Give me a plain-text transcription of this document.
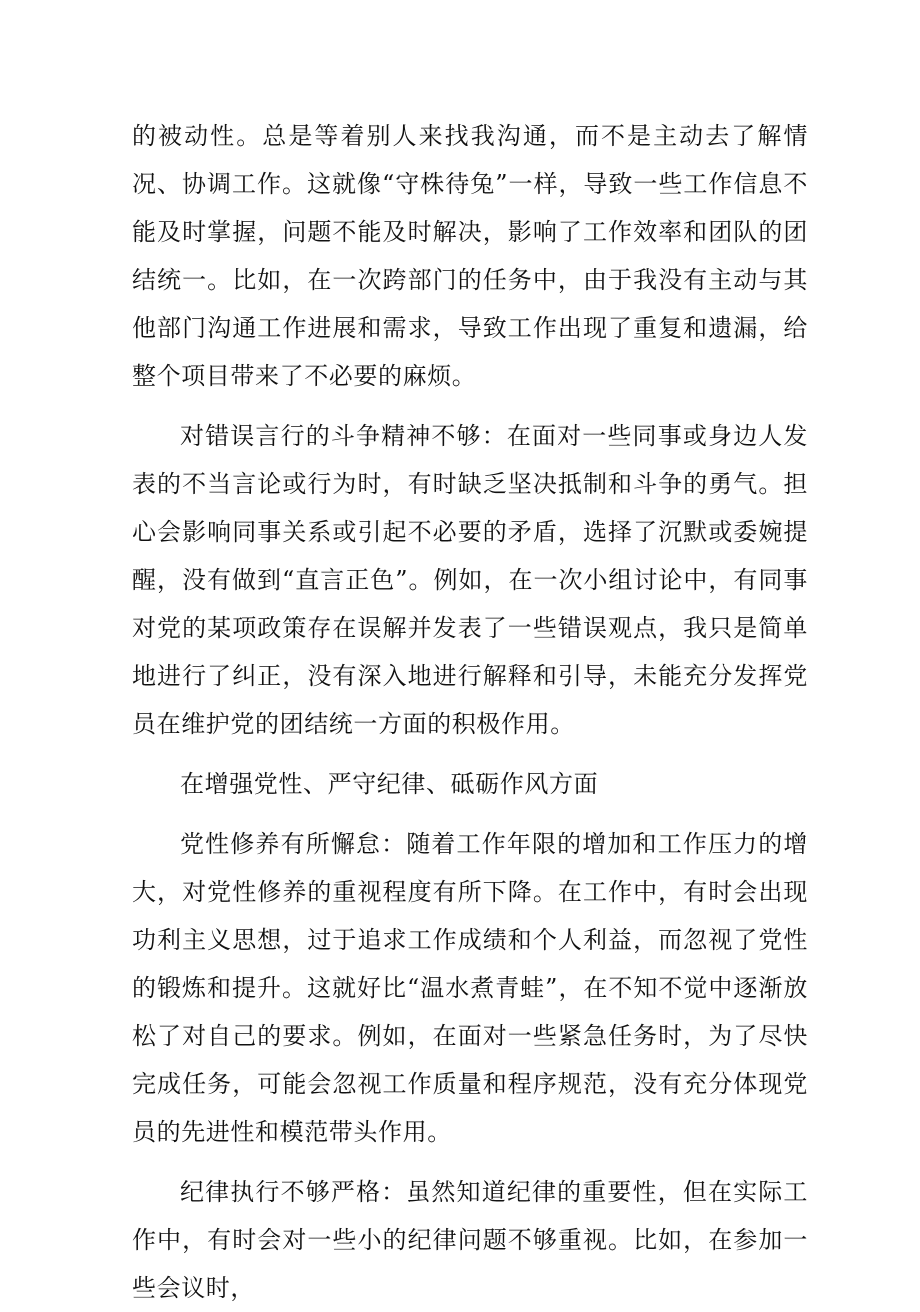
的被动性。总是等着别人来找我沟通，而不是主动去了解情况、协调工作。这就像“守株待兔”一样，导致一些工作信息不能及时掌握，问题不能及时解决，影响了工作效率和团队的团结统一。比如，在一次跨部门的任务中，由于我没有主动与其他部门沟通工作进展和需求，导致工作出现了重复和遗漏，给整个项目带来了不必要的麻烦。

对错误言行的斗争精神不够：在面对一些同事或身边人发表的不当言论或行为时，有时缺乏坚决抵制和斗争的勇气。担心会影响同事关系或引起不必要的矛盾，选择了沉默或委婉提醒，没有做到“直言正色”。例如，在一次小组讨论中，有同事对党的某项政策存在误解并发表了一些错误观点，我只是简单地进行了纠正，没有深入地进行解释和引导，未能充分发挥党员在维护党的团结统一方面的积极作用。

在增强党性、严守纪律、砥砺作风方面

党性修养有所懈怠：随着工作年限的增加和工作压力的增大，对党性修养的重视程度有所下降。在工作中，有时会出现功利主义思想，过于追求工作成绩和个人利益，而忽视了党性的锻炼和提升。这就好比“温水煮青蛙”，在不知不觉中逐渐放松了对自己的要求。例如，在面对一些紧急任务时，为了尽快完成任务，可能会忽视工作质量和程序规范，没有充分体现党员的先进性和模范带头作用。

纪律执行不够严格：虽然知道纪律的重要性，但在实际工作中，有时会对一些小的纪律问题不够重视。比如，在参加一些会议时，
